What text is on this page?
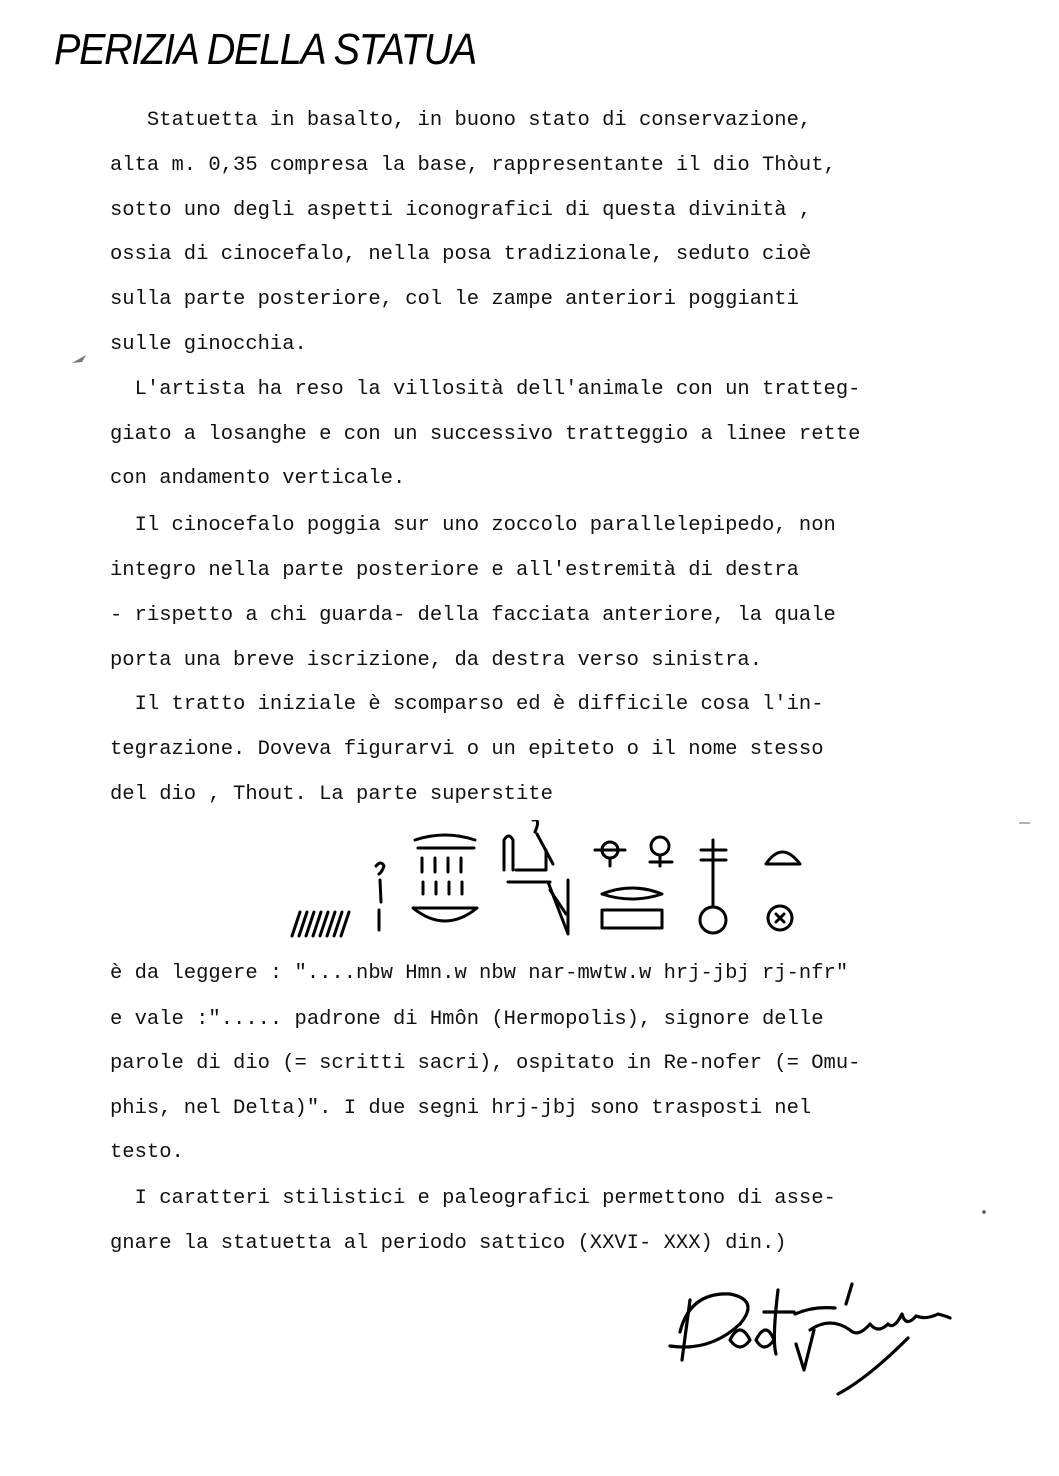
PERIZIA DELLA STATUA

Statuetta in basalto, in buono stato di conservazione,

alta m. 0,35 compresa la base, rappresentante il dio Thòut,

sotto uno degli aspetti iconografici di questa divinità ,

ossia di cinocefalo, nella posa tradizionale, seduto cioè

sulla parte posteriore, col le zampe anteriori poggianti

sulle ginocchia.

L'artista ha reso la villosità dell'animale con un tratteg-

giato a losanghe e con un successivo tratteggio a linee rette

con andamento verticale.

Il cinocefalo poggia sur uno zoccolo parallelepipedo, non

integro nella parte posteriore e all'estremità di destra

- rispetto a chi guarda- della facciata anteriore, la quale

porta una breve iscrizione, da destra verso sinistra.

Il tratto iniziale è scomparso ed è difficile cosa l'in-

tegrazione. Doveva figurarvi o un epiteto o il nome stesso

del dio , Thout. La parte superstite

è da leggere : "....nbw Hmn.w nbw nar-mwtw.w hrj-jbj rj-nfr"

e vale :"..... padrone di Hmôn (Hermopolis), signore delle

parole di dio (= scritti sacri), ospitato in Re-nofer (= Omu-

phis, nel Delta)". I due segni hrj-jbj sono trasposti nel

testo.

I caratteri stilistici e paleografici permettono di asse-

gnare la statuetta al periodo sattico (XXVI- XXX) din.)
